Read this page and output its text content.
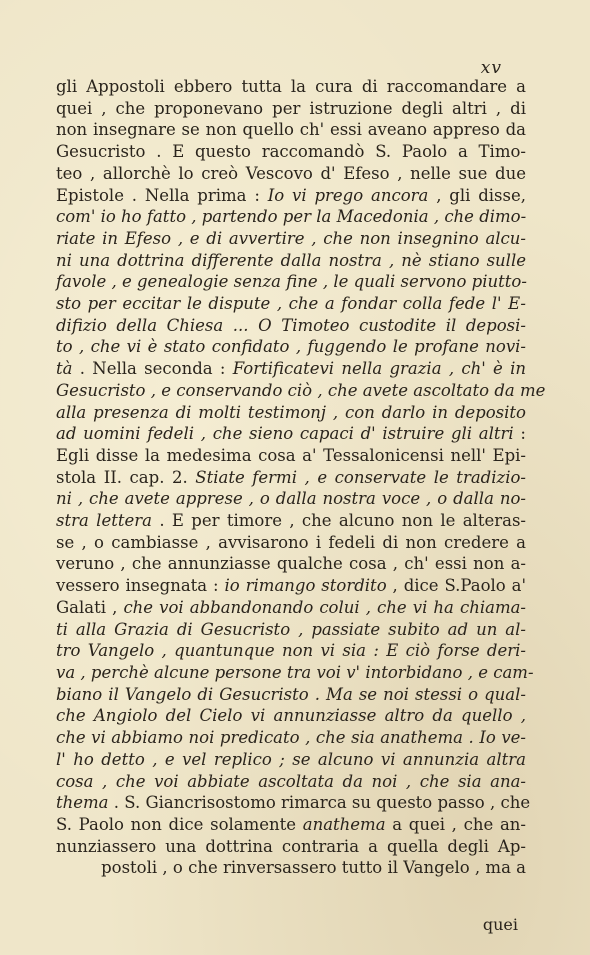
xv
gli Appostoli ebbero tutta la cura di raccomandare a
quei , che proponevano per istruzione degli altri , di
non insegnare se non quello ch' essi aveano appreso da
Gesucristo . E questo raccomandò S. Paolo a Timo-
teo , allorchè lo creò Vescovo d' Efeso , nelle sue due
Epistole . Nella prima : Io vi prego ancora , gli disse,
com' io ho fatto , partendo per la Macedonia , che dimo-
riate in Efeso , e di avvertire , che non insegnino alcu-
ni una dottrina differente dalla nostra , nè stiano sulle
favole , e genealogie senza fine , le quali servono piutto-
sto per eccitar le dispute , che a fondar colla fede l' E-
difizio della Chiesa ... O Timoteo custodite il deposi-
to , che vi è stato confidato , fuggendo le profane novi-
tà . Nella seconda : Fortificatevi nella grazia , ch' è in
Gesucristo , e conservando ciò , che avete ascoltato da me
alla presenza di molti testimonj , con darlo in deposito
ad uomini fedeli , che sieno capaci d' istruire gli altri :
Egli disse la medesima cosa a' Tessalonicensi nell' Epi-
stola II. cap. 2. Stiate fermi , e conservate le tradizio-
ni , che avete apprese , o dalla nostra voce , o dalla no-
stra lettera . E per timore , che alcuno non le alteras-
se , o cambiasse , avvisarono i fedeli di non credere a
veruno , che annunziasse qualche cosa , ch' essi non a-
vessero insegnata : io rimango stordito , dice S.Paolo a'
Galati , che voi abbandonando colui , che vi ha chiama-
ti alla Grazia di Gesucristo , passiate subito ad un al-
tro Vangelo , quantunque non vi sia : E ciò forse deri-
va , perchè alcune persone tra voi v' intorbidano , e cam-
biano il Vangelo di Gesucristo . Ma se noi stessi o qual-
che Angiolo del Cielo vi annunziasse altro da quello ,
che vi abbiamo noi predicato , che sia anathema . Io ve-
l' ho detto , e vel replico ; se alcuno vi annunzia altra
cosa , che voi abbiate ascoltata da noi , che sia ana-
thema . S. Giancrisostomo rimarca su questo passo , che
S. Paolo non dice solamente anathema a quei , che an-
nunziassero una dottrina contraria a quella degli Ap-
postoli , o che rinversassero tutto il Vangelo , ma a
quei
